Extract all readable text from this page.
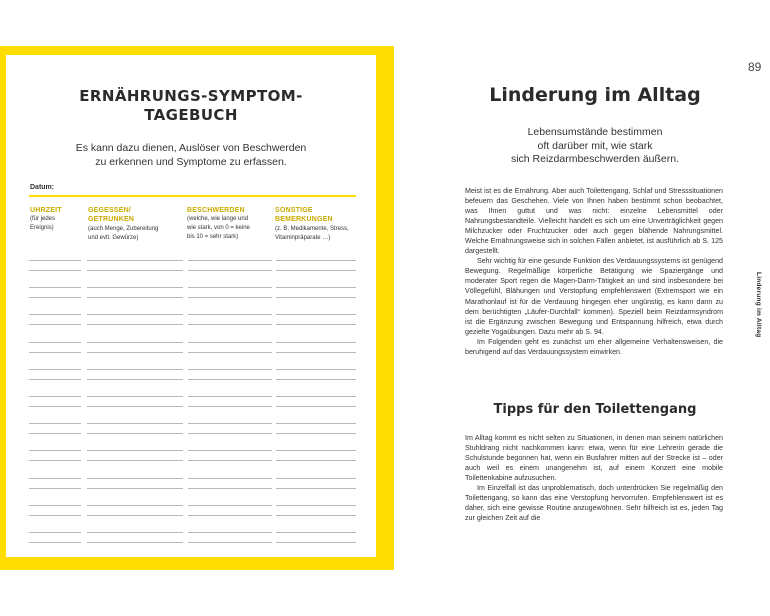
ERNÄHRUNGS-SYMPTOM-
TAGEBUCH
Es kann dazu dienen, Auslöser von Beschwerden
zu erkennen und Symptome zu erfassen.
Datum:
UHRZEIT
(für jedes
Ereignis)
GEGESSEN/
GETRUNKEN
(auch Menge, Zubereitung
und evtl. Gewürze)
BESCHWERDEN
(welche, wie lange und
wie stark, von 0 = keine
bis 10 = sehr stark)
SONSTIGE
BEMERKUNGEN
(z. B. Medikamente, Stress,
Vitaminpräparate …)
89
Linderung im Alltag
Lebensumstände bestimmen
oft darüber mit, wie stark
sich Reizdarmbeschwerden äußern.

Meist ist es die Ernährung. Aber auch Toilettengang, Schlaf und Stresssituationen befeuern das Geschehen. Viele von Ihnen haben bestimmt schon beobachtet, was Ihnen guttut und was nicht: einzelne Lebensmittel oder Nahrungsbestandteile. Vielleicht handelt es sich um eine Unverträglichkeit gegen Milchzucker oder Fruchtzucker oder auch gegen blähende Nahrungsmittel. Welche Ernährungsweise sich in solchen Fällen anbietet, ist ausführlich ab S. 125 dargestellt.

Sehr wichtig für eine gesunde Funktion des Verdauungssystems ist genügend Bewegung. Regelmäßige körperliche Betätigung wie Spaziergänge und moderater Sport regen die Magen-Darm-Tätigkeit an und sind insbesondere bei Völlegefühl, Blähungen und Verstopfung empfehlenswert (Extremsport wie ein Marathonlauf ist für die Verdauung hingegen eher ungünstig, es kann dann zu dem berüchtigten „Läufer-Durchfall“ kommen). Speziell beim Reizdarmsyndrom ist die Ergänzung zwischen Bewegung und Entspannung hilfreich, etwa durch gezielte Yogaübungen. Dazu mehr ab S. 94.

Im Folgenden geht es zunächst um eher allgemeine Verhaltensweisen, die beruhigend auf das Verdauungssystem einwirken.

Tipps für den Toilettengang

Im Alltag kommt es nicht selten zu Situationen, in denen man seinem natürlichen Stuhldrang nicht nachkommen kann: etwa, wenn für eine Lehrerin gerade die Schulstunde begonnen hat, wenn ein Busfahrer mitten auf der Strecke ist – oder auch weil es einem unangenehm ist, auf einem Konzert eine mobile Toilettenkabine aufzusuchen.

Im Einzelfall ist das unproblematisch, doch unterdrücken Sie regelmäßig den Toilettengang, so kann das eine Verstopfung hervorrufen. Empfehlenswert ist es daher, sich eine gewisse Routine anzugewöhnen. Sehr hilfreich ist es, jeden Tag zur gleichen Zeit auf die

Linderung im Alltag
